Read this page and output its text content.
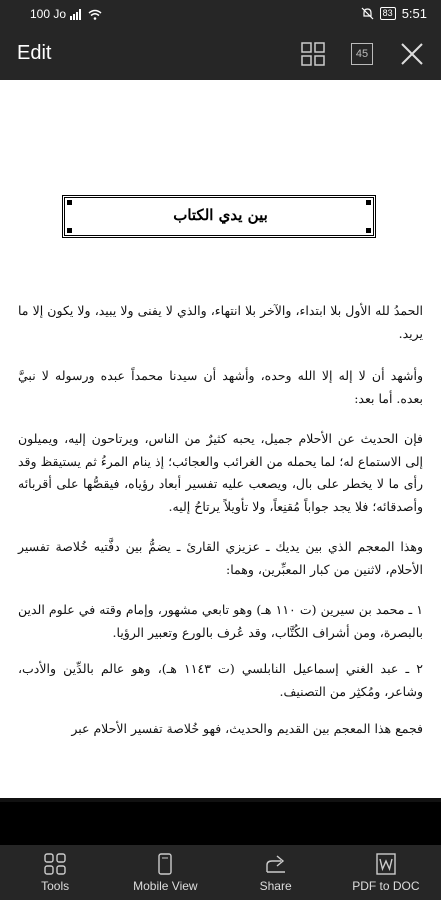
100 Jo	83 5:51
Edit	45
بين يدي الكتاب

الحمدُ لله الأول بلا ابتداء، والآخر بلا انتهاء، والذي لا يفنى ولا يبيد، ولا يكون إلا ما يريد.

وأشهد أن لا إله إلا الله وحده، وأشهد أن سيدنا محمداً عبده ورسوله لا نبيَّ بعده. أما بعد:

فإن الحديث عن الأحلام جميل، يحبه كثيرٌ من الناس، ويرتاحون إليه، ويميلون إلى الاستماع له؛ لما يحمله من الغرائب والعجائب؛ إذ ينام المرءُ ثم يستيقظ وقد رأى ما لا يخطر على بال، ويصعب عليه تفسير أبعاد رؤياه، فيقصُّها على أقربائه وأصدقائه؛ فلا يجد جواباً مُقنِعاً، ولا تأويلاً يرتاحُ إليه.

وهذا المعجم الذي بين يديك ـ عزيزي القارئ ـ يضمُّ بين دفَّتيه خُلاصة تفسير الأحلام، لاثنين من كبار المعبِّرين، وهما:

١ ـ محمد بن سيرين (ت ١١٠ هـ) وهو تابعي مشهور، وإمام وقته في علوم الدين بالبصرة، ومن أشراف الكُتَّاب، وقد عُرف بالورع وتعبير الرؤيا.

٢ ـ عبد الغني إسماعيل النابلسي (ت ١١٤٣ هـ)، وهو عالم بالدِّين والأدب، وشاعر، ومُكثِر من التصنيف.

فجمع هذا المعجم بين القديم والحديث، فهو خُلاصة تفسير الأحلام عبر

Tools	Mobile View	Share	PDF to DOC
